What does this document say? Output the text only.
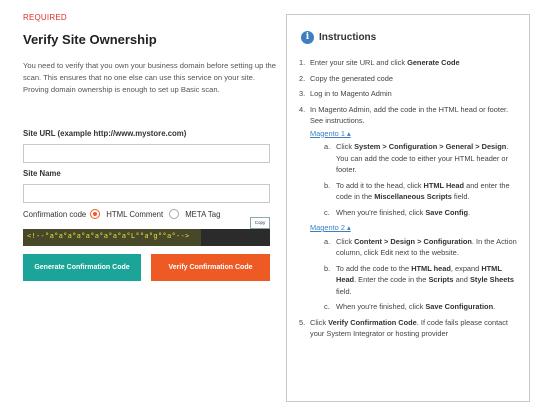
REQUIRED
Verify Site Ownership
You need to verify that you own your business domain before setting up the scan. This ensures that no one else can use this service on your site. Proving domain ownership is enough to set up Basic scan.
Site URL (example http://www.mystore.com)
Site Name
Confirmation code	HTML Comment	META Tag
Copy
<!--°a°a°a°a°a°a°a°a°a°L°°a°g°°a°-->
Generate Confirmation Code	Verify Confirmation Code
i Instructions
1. Enter your site URL and click Generate Code
2. Copy the generated code
3. Log in to Magento Admin
4. In Magento Admin, add the code in the HTML head or footer. See instructions.
Magento 1 ▴
a. Click System > Configuration > General > Design. You can add the code to either your HTML header or footer.
b. To add it to the head, click HTML Head and enter the code in the Miscellaneous Scripts field.
c. When you're finished, click Save Config.
Magento 2 ▴
a. Click Content > Design > Configuration. In the Action column, click Edit next to the website.
b. To add the code to the HTML head, expand HTML Head. Enter the code in the Scripts and Style Sheets field.
c. When you're finished, click Save Configuration.
5. Click Verify Confirmation Code. If code fails please contact your System Integrator or hosting provider
